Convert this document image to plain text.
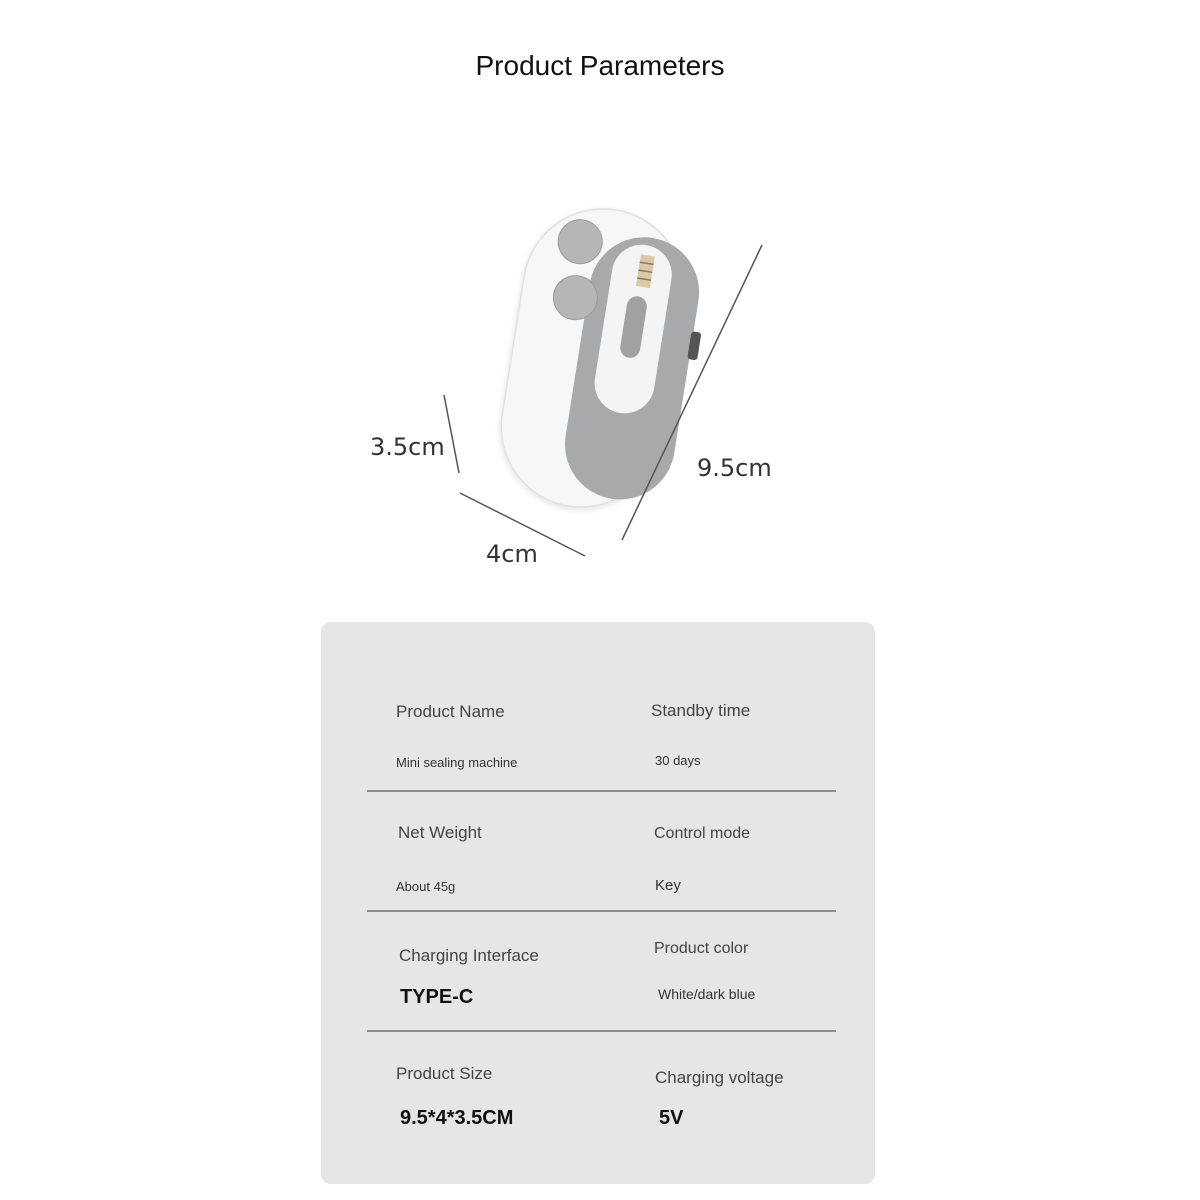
Product Parameters
3.5cm
4cm
9.5cm
Product Name
Mini sealing machine
Standby time
30 days
Net Weight
About 45g
Control mode
Key
Charging Interface
TYPE-C
Product color
White/dark blue
Product Size
9.5*4*3.5CM
Charging voltage
5V
